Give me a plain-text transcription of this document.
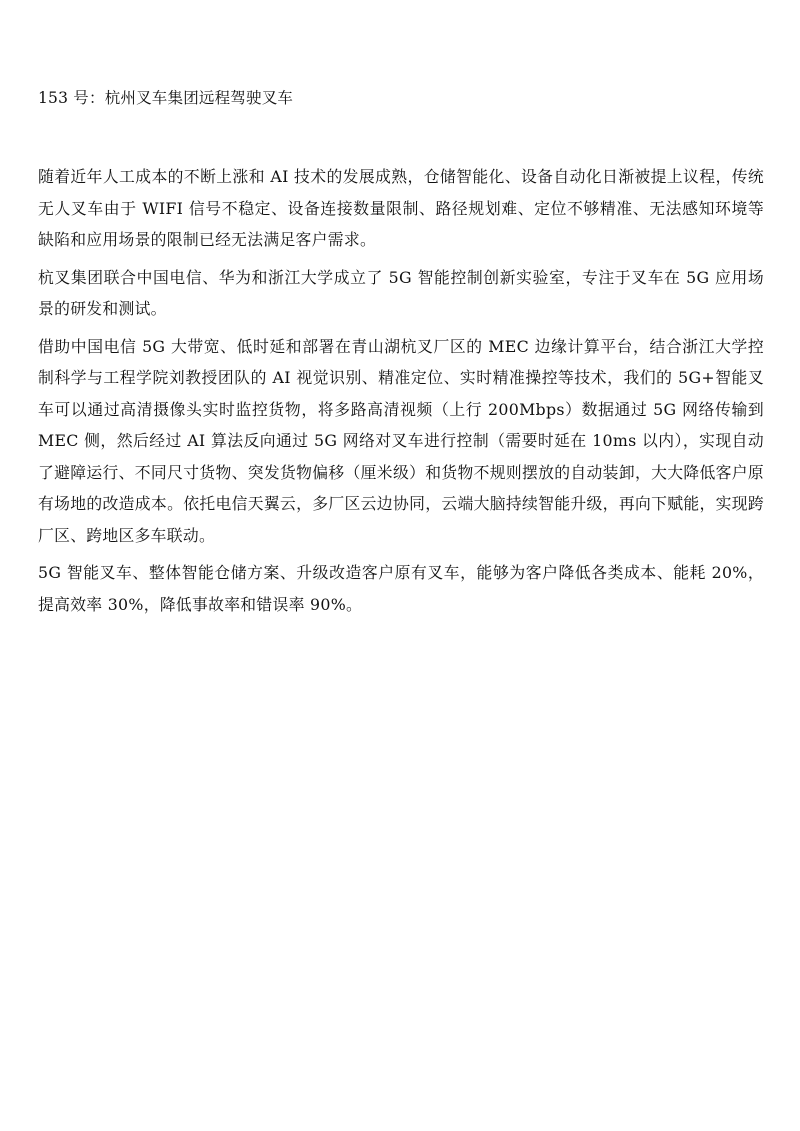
153 号：杭州叉车集团远程驾驶叉车

随着近年人工成本的不断上涨和 AI 技术的发展成熟，仓储智能化、设备自动化日渐被提上议程，传统无人叉车由于 WIFI 信号不稳定、设备连接数量限制、路径规划难、定位不够精准、无法感知环境等缺陷和应用场景的限制已经无法满足客户需求。

杭叉集团联合中国电信、华为和浙江大学成立了 5G 智能控制创新实验室，专注于叉车在 5G 应用场景的研发和测试。

借助中国电信 5G 大带宽、低时延和部署在青山湖杭叉厂区的 MEC 边缘计算平台，结合浙江大学控制科学与工程学院刘教授团队的 AI 视觉识别、精准定位、实时精准操控等技术，我们的 5G+智能叉车可以通过高清摄像头实时监控货物，将多路高清视频（上行 200Mbps）数据通过 5G 网络传输到 MEC 侧，然后经过 AI 算法反向通过 5G 网络对叉车进行控制（需要时延在 10ms 以内），实现自动了避障运行、不同尺寸货物、突发货物偏移（厘米级）和货物不规则摆放的自动装卸，大大降低客户原有场地的改造成本。依托电信天翼云，多厂区云边协同，云端大脑持续智能升级，再向下赋能，实现跨厂区、跨地区多车联动。

5G 智能叉车、整体智能仓储方案、升级改造客户原有叉车，能够为客户降低各类成本、能耗 20%，提高效率 30%，降低事故率和错误率 90%。
